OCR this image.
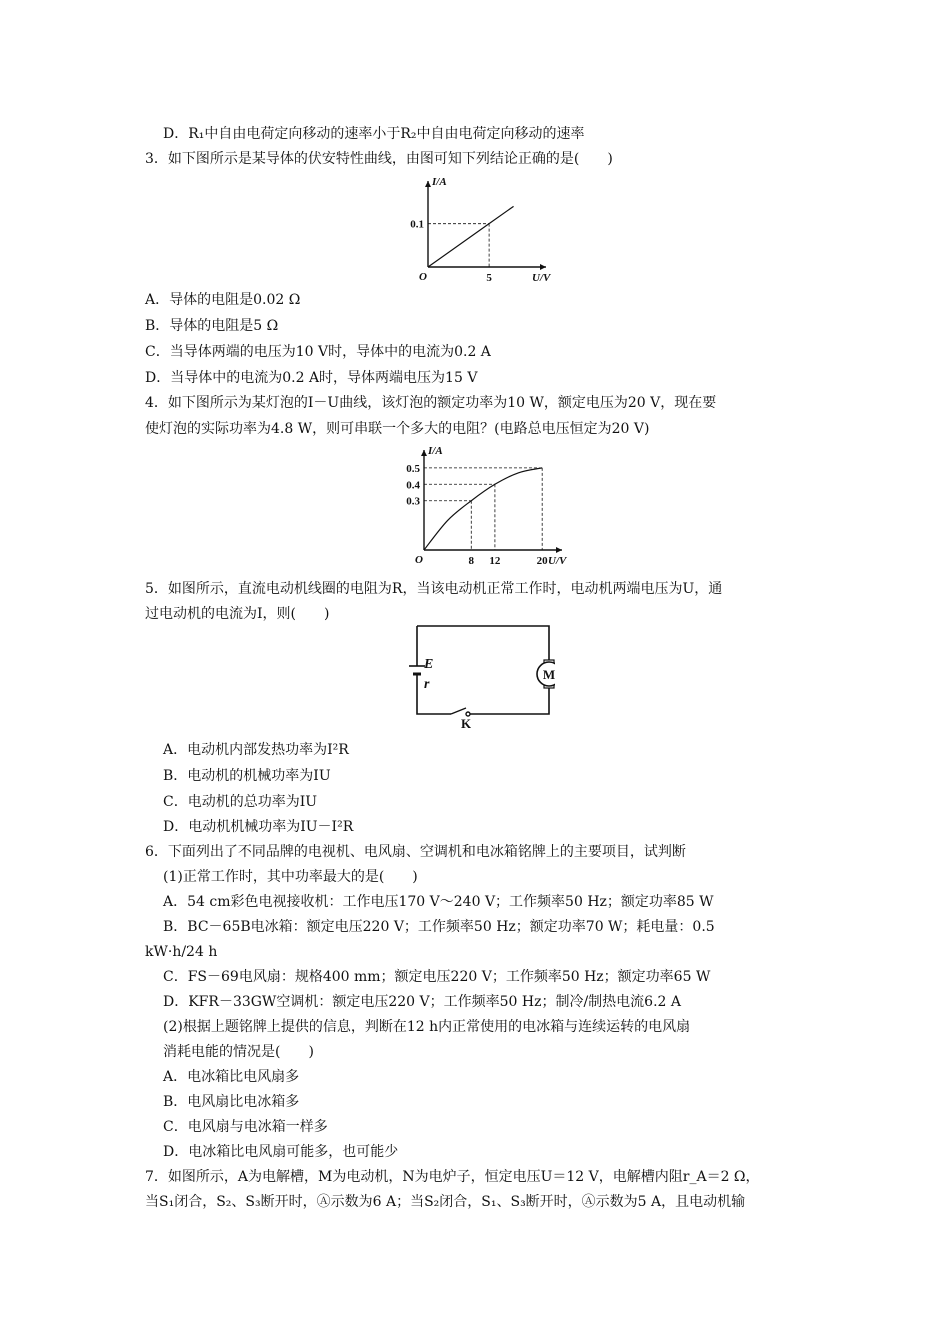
D．R₁中自由电荷定向移动的速率小于R₂中自由电荷定向移动的速率
3．如下图所示是某导体的伏安特性曲线，由图可知下列结论正确的是(　　)
I/A
U/V
O
0.1
5
A．导体的电阻是0.02 Ω
B．导体的电阻是5 Ω
C．当导体两端的电压为10 V时，导体中的电流为0.2 A
D．当导体中的电流为0.2 A时，导体两端电压为15 V
4．如下图所示为某灯泡的I－U曲线，该灯泡的额定功率为10 W，额定电压为20 V，现在要
使灯泡的实际功率为4.8 W，则可串联一个多大的电阻？(电路总电压恒定为20 V)
I/A
U/V
O
0.3
0.4
0.5
8 12	20
5．如图所示，直流电动机线圈的电阻为R，当该电动机正常工作时，电动机两端电压为U，通
过电动机的电流为I，则(　　)
E
r
M
K
A．电动机内部发热功率为I²R
B．电动机的机械功率为IU
C．电动机的总功率为IU
D．电动机机械功率为IU－I²R
6．下面列出了不同品牌的电视机、电风扇、空调机和电冰箱铭牌上的主要项目，试判断
(1)正常工作时，其中功率最大的是(　　)
A．54 cm彩色电视接收机：工作电压170 V～240 V；工作频率50 Hz；额定功率85 W
B．BC－65B电冰箱：额定电压220 V；工作频率50 Hz；额定功率70 W；耗电量：0.5
kW·h/24 h
C．FS－69电风扇：规格400 mm；额定电压220 V；工作频率50 Hz；额定功率65 W
D．KFR－33GW空调机：额定电压220 V；工作频率50 Hz；制冷/制热电流6.2 A
(2)根据上题铭牌上提供的信息，判断在12 h内正常使用的电冰箱与连续运转的电风扇
消耗电能的情况是(　　)
A．电冰箱比电风扇多
B．电风扇比电冰箱多
C．电风扇与电冰箱一样多
D．电冰箱比电风扇可能多，也可能少
7．如图所示，A为电解槽，M为电动机，N为电炉子，恒定电压U＝12 V，电解槽内阻r_A＝2 Ω，
当S₁闭合，S₂、S₃断开时，Ⓐ示数为6 A；当S₂闭合，S₁、S₃断开时，Ⓐ示数为5 A，且电动机输
